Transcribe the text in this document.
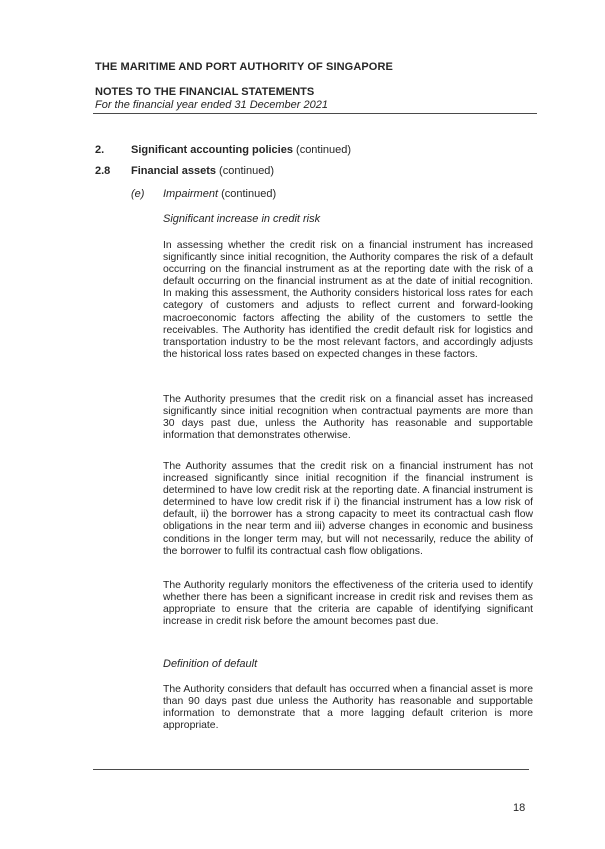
THE MARITIME AND PORT AUTHORITY OF SINGAPORE
NOTES TO THE FINANCIAL STATEMENTS
For the financial year ended 31 December 2021
2. Significant accounting policies (continued)
2.8 Financial assets (continued)
(e) Impairment (continued)
Significant increase in credit risk

In assessing whether the credit risk on a financial instrument has increased significantly since initial recognition, the Authority compares the risk of a default occurring on the financial instrument as at the reporting date with the risk of a default occurring on the financial instrument as at the date of initial recognition. In making this assessment, the Authority considers historical loss rates for each category of customers and adjusts to reflect current and forward-looking macroeconomic factors affecting the ability of the customers to settle the receivables. The Authority has identified the credit default risk for logistics and transportation industry to be the most relevant factors, and accordingly adjusts the historical loss rates based on expected changes in these factors.

The Authority presumes that the credit risk on a financial asset has increased significantly since initial recognition when contractual payments are more than 30 days past due, unless the Authority has reasonable and supportable information that demonstrates otherwise.

The Authority assumes that the credit risk on a financial instrument has not increased significantly since initial recognition if the financial instrument is determined to have low credit risk at the reporting date. A financial instrument is determined to have low credit risk if i) the financial instrument has a low risk of default, ii) the borrower has a strong capacity to meet its contractual cash flow obligations in the near term and iii) adverse changes in economic and business conditions in the longer term may, but will not necessarily, reduce the ability of the borrower to fulfil its contractual cash flow obligations.

The Authority regularly monitors the effectiveness of the criteria used to identify whether there has been a significant increase in credit risk and revises them as appropriate to ensure that the criteria are capable of identifying significant increase in credit risk before the amount becomes past due.

Definition of default

The Authority considers that default has occurred when a financial asset is more than 90 days past due unless the Authority has reasonable and supportable information to demonstrate that a more lagging default criterion is more appropriate.

18
